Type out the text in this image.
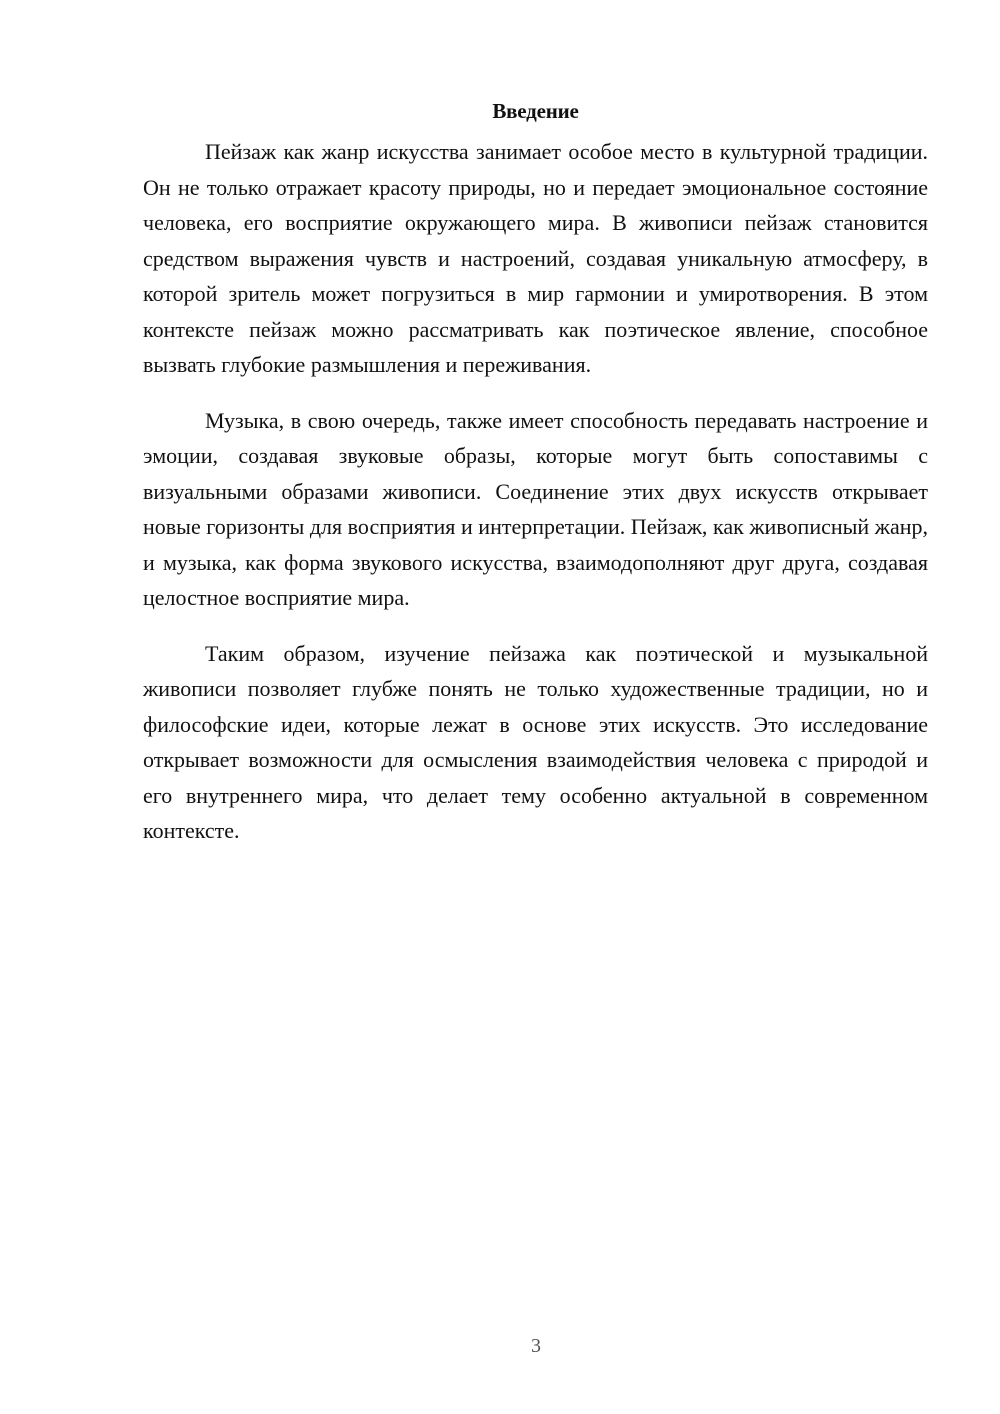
Введение

Пейзаж как жанр искусства занимает особое место в культурной традиции. Он не только отражает красоту природы, но и передает эмоциональное состояние человека, его восприятие окружающего мира. В живописи пейзаж становится средством выражения чувств и настроений, создавая уникальную атмосферу, в которой зритель может погрузиться в мир гармонии и умиротворения. В этом контексте пейзаж можно рассматривать как поэтическое явление, способное вызвать глубокие размышления и переживания.

Музыка, в свою очередь, также имеет способность передавать настроение и эмоции, создавая звуковые образы, которые могут быть сопоставимы с визуальными образами живописи. Соединение этих двух искусств открывает новые горизонты для восприятия и интерпретации. Пейзаж, как живописный жанр, и музыка, как форма звукового искусства, взаимодополняют друг друга, создавая целостное восприятие мира.

Таким образом, изучение пейзажа как поэтической и музыкальной живописи позволяет глубже понять не только художественные традиции, но и философские идеи, которые лежат в основе этих искусств. Это исследование открывает возможности для осмысления взаимодействия человека с природой и его внутреннего мира, что делает тему особенно актуальной в современном контексте.

3
